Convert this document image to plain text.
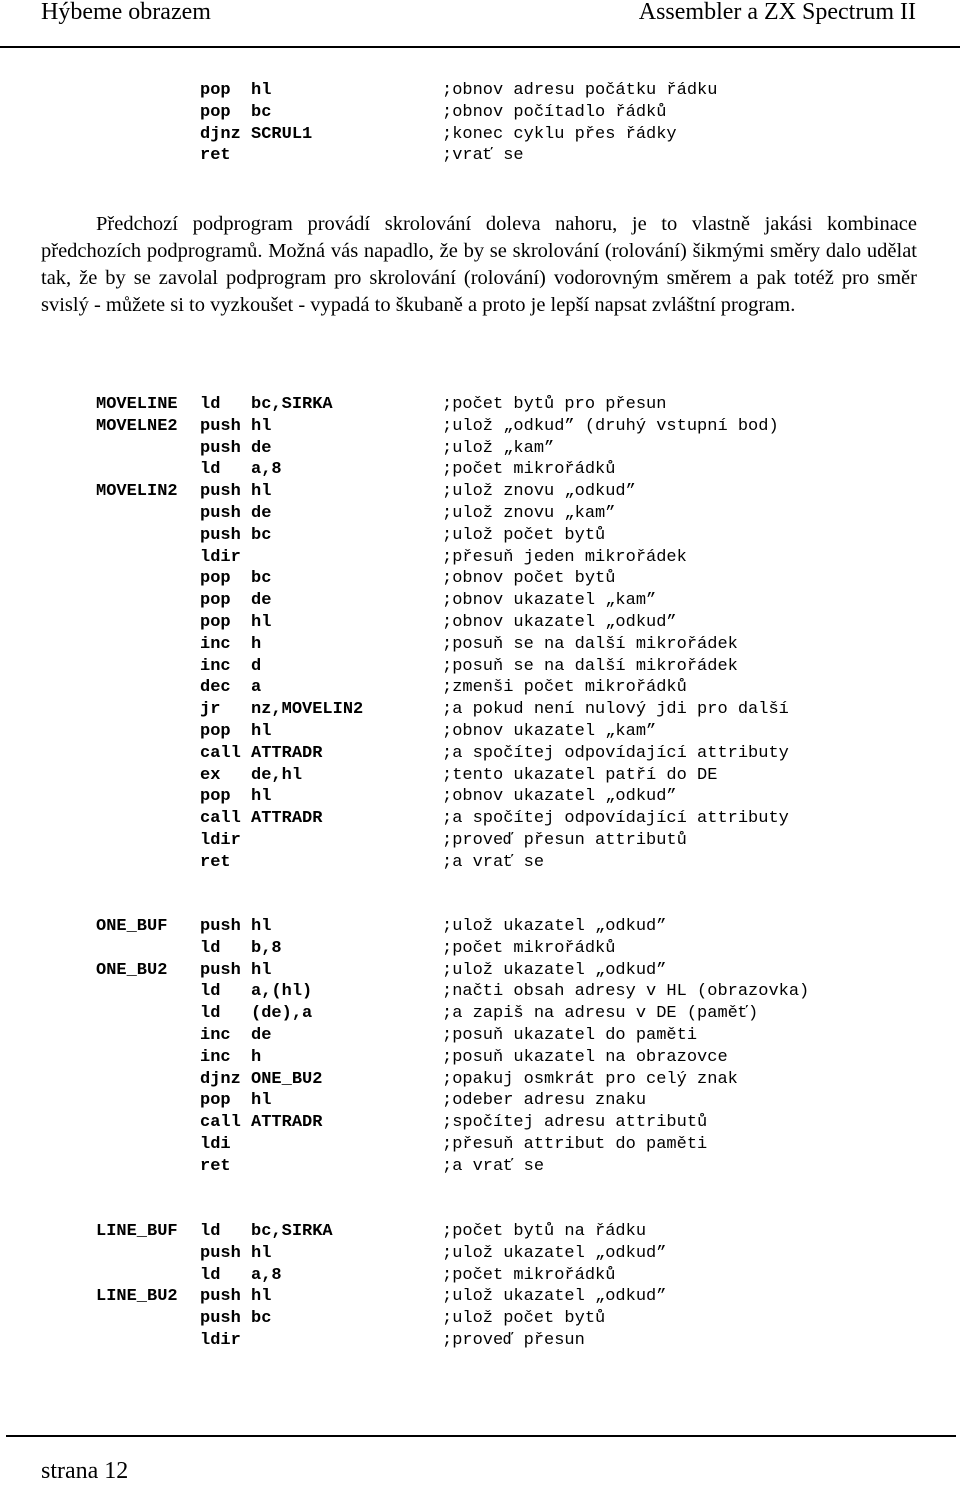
Hýbeme obrazem	Assembler a ZX Spectrum II
pop  hl	;obnov adresu počátku řádku
pop  bc	;obnov počítadlo řádků
djnz SCRUL1	;konec cyklu přes řádky
ret	;vrať se
Předchozí podprogram provádí skrolování doleva nahoru, je to vlastně jakási kombinace předchozích podprogramů. Možná vás napadlo, že by se skrolování (rolování) šikmými směry dalo udělat tak, že by se zavolal podprogram pro skrolování (rolování) vodorovným směrem a pak totéž pro směr svislý - můžete si to vyzkoušet - vypadá to škubaně a proto je lepší napsat zvláštní program.
MOVELINE ld   bc,SIRKA	;počet bytů pro přesun
MOVELNE2 push hl	;ulož „odkud” (druhý vstupní bod)
push de	;ulož „kam”
ld   a,8	;počet mikrořádků
MOVELIN2 push hl	;ulož znovu „odkud”
push de	;ulož znovu „kam”
push bc	;ulož počet bytů
ldir	;přesuň jeden mikrořádek
pop  bc	;obnov počet bytů
pop  de	;obnov ukazatel „kam”
pop  hl	;obnov ukazatel „odkud”
inc  h	;posuň se na další mikrořádek
inc  d	;posuň se na další mikrořádek
dec  a	;zmenši počet mikrořádků
jr   nz,MOVELIN2	;a pokud není nulový jdi pro další
pop  hl	;obnov ukazatel „kam”
call ATTRADR	;a spočítej odpovídající attributy
ex   de,hl	;tento ukazatel patří do DE
pop  hl	;obnov ukazatel „odkud”
call ATTRADR	;a spočítej odpovídající attributy
ldir	;proveď přesun attributů
ret	;a vrať se
ONE_BUF push hl	;ulož ukazatel „odkud”
ld   b,8	;počet mikrořádků
ONE_BU2 push hl	;ulož ukazatel „odkud”
ld   a,(hl)	;načti obsah adresy v HL (obrazovka)
ld   (de),a	;a zapiš na adresu v DE (paměť)
inc  de	;posuň ukazatel do paměti
inc  h	;posuň ukazatel na obrazovce
djnz ONE_BU2	;opakuj osmkrát pro celý znak
pop  hl	;odeber adresu znaku
call ATTRADR	;spočítej adresu attributů
ldi	;přesuň attribut do paměti
ret	;a vrať se
LINE_BUF ld   bc,SIRKA	;počet bytů na řádku
push hl	;ulož ukazatel „odkud”
ld   a,8	;počet mikrořádků
LINE_BU2 push hl	;ulož ukazatel „odkud”
push bc	;ulož počet bytů
ldir	;proveď přesun
strana 12
